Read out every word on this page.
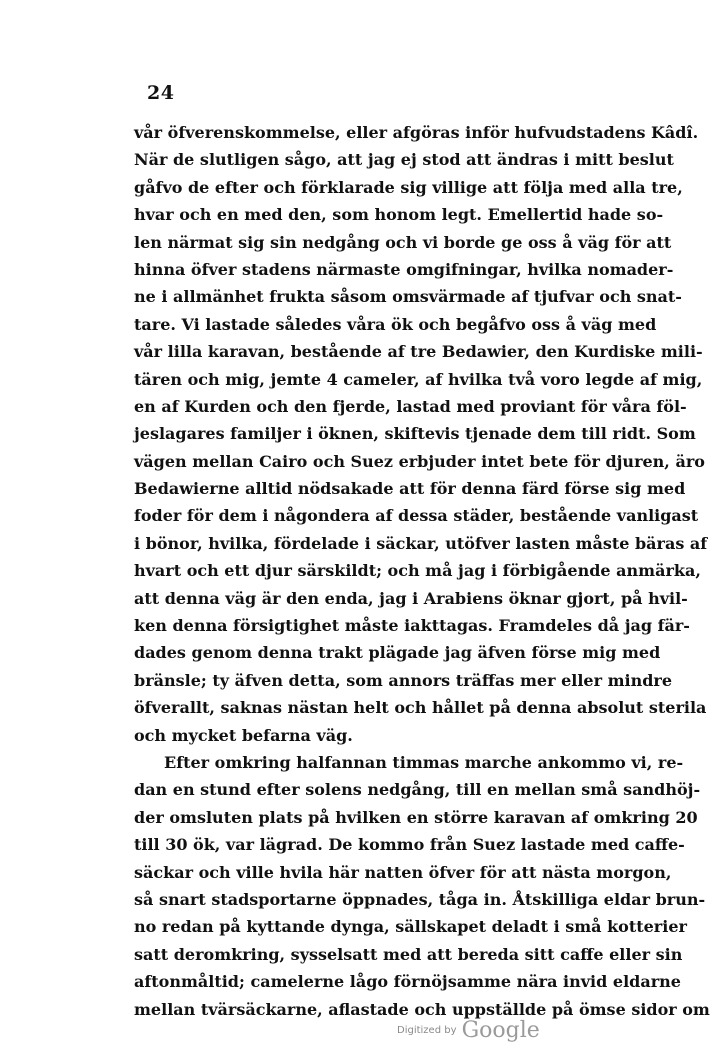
24
vår öfverenskommelse, eller afgöras inför hufvudstadens Kâdî.
När de slutligen sågo, att jag ej stod att ändras i mitt beslut
gåfvo de efter och förklarade sig villige att följa med alla tre,
hvar och en med den, som honom legt. Emellertid hade so-
len närmat sig sin nedgång och vi borde ge oss å väg för att
hinna öfver stadens närmaste omgifningar, hvilka nomader-
ne i allmänhet frukta såsom omsvärmade af tjufvar och snat-
tare. Vi lastade således våra ök och begåfvo oss å väg med
vår lilla karavan, bestående af tre Bedawier, den Kurdiske mili-
tären och mig, jemte 4 cameler, af hvilka två voro legde af mig,
en af Kurden och den fjerde, lastad med proviant för våra föl-
jeslagares familjer i öknen, skiftevis tjenade dem till ridt. Som
vägen mellan Cairo och Suez erbjuder intet bete för djuren, äro
Bedawierne alltid nödsakade att för denna färd förse sig med
foder för dem i någondera af dessa städer, bestående vanligast
i bönor, hvilka, fördelade i säckar, utöfver lasten måste bäras af
hvart och ett djur särskildt; och må jag i förbigående anmärka,
att denna väg är den enda, jag i Arabiens öknar gjort, på hvil-
ken denna försigtighet måste iakttagas. Framdeles då jag fär-
dades genom denna trakt plägade jag äfven förse mig med
bränsle; ty äfven detta, som annors träffas mer eller mindre
öfverallt, saknas nästan helt och hållet på denna absolut sterila
och mycket befarna väg.
Efter omkring halfannan timmas marche ankommo vi, re-
dan en stund efter solens nedgång, till en mellan små sandhöj-
der omsluten plats på hvilken en större karavan af omkring 20
till 30 ök, var lägrad. De kommo från Suez lastade med caffe-
säckar och ville hvila här natten öfver för att nästa morgon,
så snart stadsportarne öppnades, tåga in. Åtskilliga eldar brun-
no redan på kyttande dynga, sällskapet deladt i små kotterier
satt deromkring, sysselsatt med att bereda sitt caffe eller sin
aftonmåltid; camelerne lågo förnöjsamme nära invid eldarne
mellan tvärsäckarne, aflastade och uppställde på ömse sidor om
Digitized by Google
